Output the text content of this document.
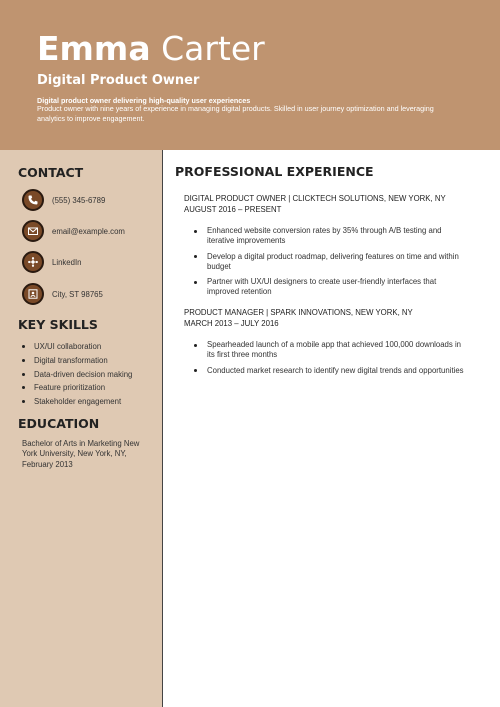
Emma Carter
Digital Product Owner
Digital product owner delivering high-quality user experiences
Product owner with nine years of experience in managing digital products. Skilled in user journey optimization and leveraging analytics to improve engagement.
CONTACT
(555) 345-6789
email@example.com
LinkedIn
City, ST 98765
KEY SKILLS
UX/UI collaboration
Digital transformation
Data-driven decision making
Feature prioritization
Stakeholder engagement
EDUCATION
Bachelor of Arts in Marketing New York University, New York, NY, February 2013
PROFESSIONAL EXPERIENCE
DIGITAL PRODUCT OWNER | CLICKTECH SOLUTIONS, NEW YORK, NY
AUGUST 2016 – PRESENT
Enhanced website conversion rates by 35% through A/B testing and iterative improvements
Develop a digital product roadmap, delivering features on time and within budget
Partner with UX/UI designers to create user-friendly interfaces that improved retention
PRODUCT MANAGER | SPARK INNOVATIONS, NEW YORK, NY
MARCH 2013 – JULY 2016
Spearheaded launch of a mobile app that achieved 100,000 downloads in its first three months
Conducted market research to identify new digital trends and opportunities
